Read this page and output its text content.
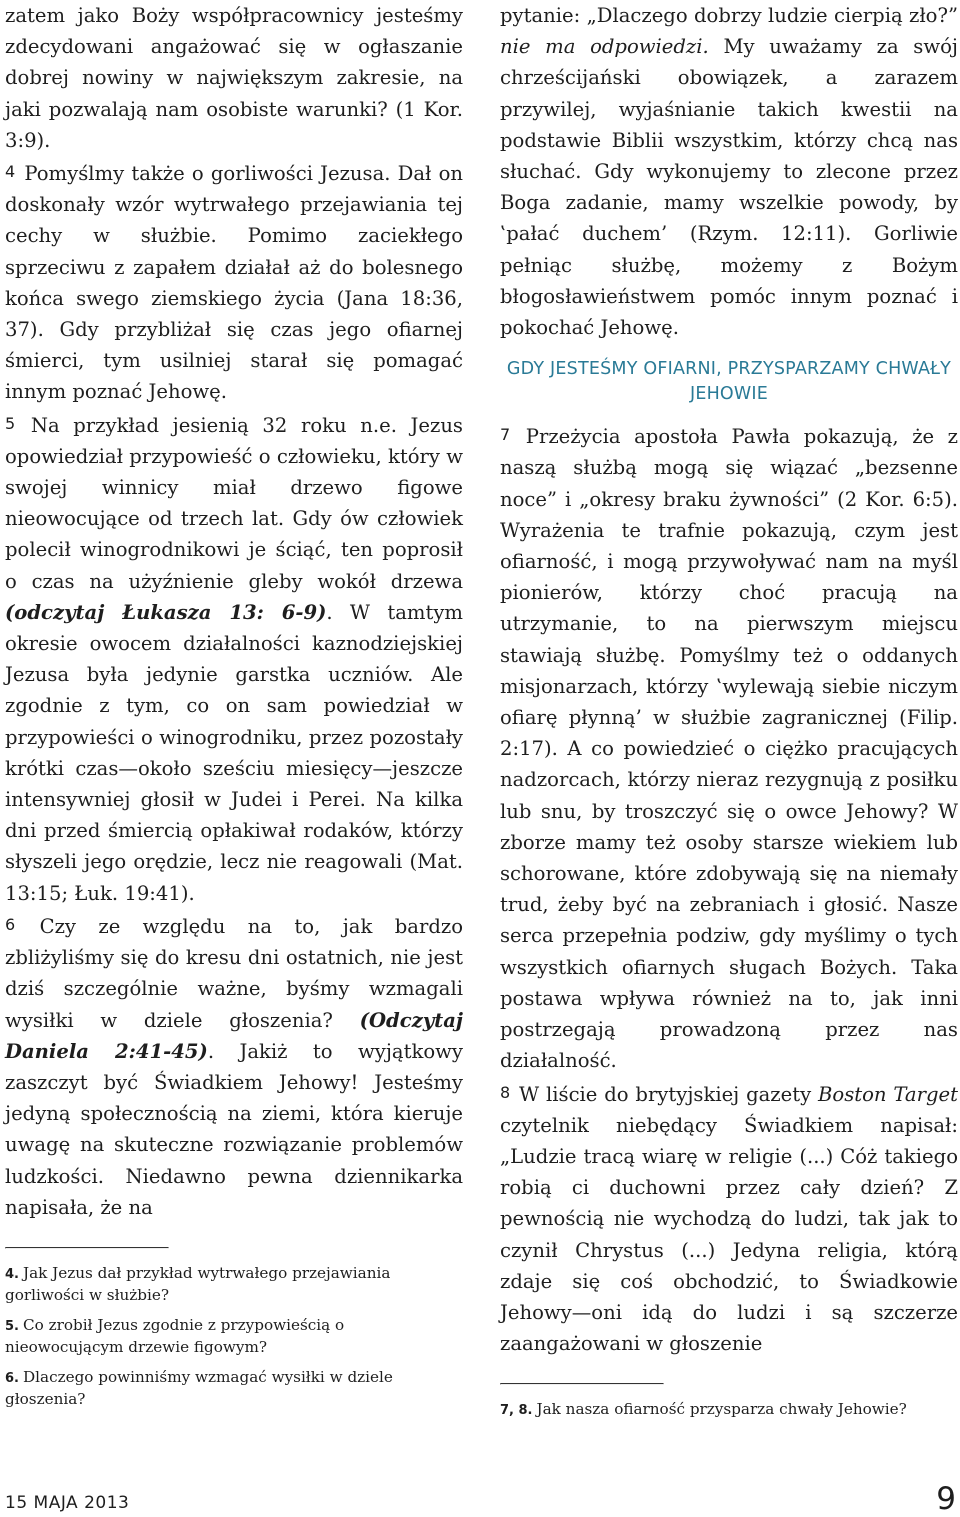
zatem jako Boży współpracownicy jesteśmy zdecydowani angażować się w ogłaszanie dobrej nowiny w największym zakresie, na jaki pozwalają nam osobiste warunki? (1 Kor. 3:9).

4 Pomyślmy także o gorliwości Jezusa. Dał on doskonały wzór wytrwałego przejawiania tej cechy w służbie. Pomimo zaciekłego sprzeciwu z zapałem działał aż do bolesnego końca swego ziemskiego życia (Jana 18:36, 37). Gdy przybliżał się czas jego ofiarnej śmierci, tym usilniej starał się pomagać innym poznać Jehowę.

5 Na przykład jesienią 32 roku n.e. Jezus opowiedział przypowieść o człowieku, który w swojej winnicy miał drzewo figowe nieowocujące od trzech lat. Gdy ów człowiek polecił winogrodnikowi je ściąć, ten poprosił o czas na użyźnienie gleby wokół drzewa (odczytaj Łukasza 13: 6-9). W tamtym okresie owocem działalności kaznodziejskiej Jezusa była jedynie garstka uczniów. Ale zgodnie z tym, co on sam powiedział w przypowieści o winogrodniku, przez pozostały krótki czas—około sześciu miesięcy—jeszcze intensywniej głosił w Judei i Perei. Na kilka dni przed śmiercią opłakiwał rodaków, którzy słyszeli jego orędzie, lecz nie reagowali (Mat. 13:15; Łuk. 19:41).

6 Czy ze względu na to, jak bardzo zbliżyliśmy się do kresu dni ostatnich, nie jest dziś szczególnie ważne, byśmy wzmagali wysiłki w dziele głoszenia? (Odczytaj Daniela 2:41-45). Jakiż to wyjątkowy zaszczyt być Świadkiem Jehowy! Jesteśmy jedyną społecznością na ziemi, która kieruje uwagę na skuteczne rozwiązanie problemów ludzkości. Niedawno pewna dziennikarka napisała, że na

4. Jak Jezus dał przykład wytrwałego przejawiania gorliwości w służbie?

5. Co zrobił Jezus zgodnie z przypowieścią o nieowocującym drzewie figowym?

6. Dlaczego powinniśmy wzmagać wysiłki w dziele głoszenia?

pytanie: „Dlaczego dobrzy ludzie cierpią zło?” nie ma odpowiedzi. My uważamy za swój chrześcijański obowiązek, a zarazem przywilej, wyjaśnianie takich kwestii na podstawie Biblii wszystkim, którzy chcą nas słuchać. Gdy wykonujemy to zlecone przez Boga zadanie, mamy wszelkie powody, by ‛pałać duchem’ (Rzym. 12:11). Gorliwie pełniąc służbę, możemy z Bożym błogosławieństwem pomóc innym poznać i pokochać Jehowę.

GDY JESTEŚMY OFIARNI, PRZYSPARZAMY CHWAŁY JEHOWIE

7 Przeżycia apostoła Pawła pokazują, że z naszą służbą mogą się wiązać „bezsenne noce” i „okresy braku żywności” (2 Kor. 6:5). Wyrażenia te trafnie pokazują, czym jest ofiarność, i mogą przywoływać nam na myśl pionierów, którzy choć pracują na utrzymanie, to na pierwszym miejscu stawiają służbę. Pomyślmy też o oddanych misjonarzach, którzy ‛wylewają siebie niczym ofiarę płynną’ w służbie zagranicznej (Filip. 2:17). A co powiedzieć o ciężko pracujących nadzorcach, którzy nieraz rezygnują z posiłku lub snu, by troszczyć się o owce Jehowy? W zborze mamy też osoby starsze wiekiem lub schorowane, które zdobywają się na niemały trud, żeby być na zebraniach i głosić. Nasze serca przepełnia podziw, gdy myślimy o tych wszystkich ofiarnych sługach Bożych. Taka postawa wpływa również na to, jak inni postrzegają prowadzoną przez nas działalność.

8 W liście do brytyjskiej gazety Boston Target czytelnik niebędący Świadkiem napisał: „Ludzie tracą wiarę w religie (...) Cóż takiego robią ci duchowni przez cały dzień? Z pewnością nie wychodzą do ludzi, tak jak to czynił Chrystus (...) Jedyna religia, którą zdaje się coś obchodzić, to Świadkowie Jehowy—oni idą do ludzi i są szczerze zaangażowani w głoszenie

7, 8. Jak nasza ofiarność przysparza chwały Jehowie?

15 MAJA 2013	9
